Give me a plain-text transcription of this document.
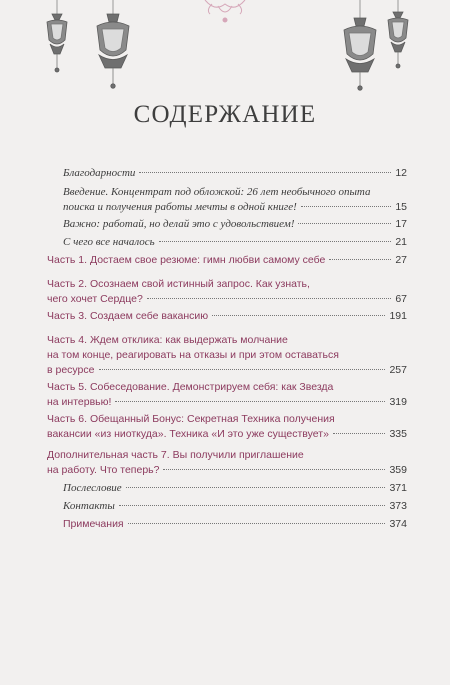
СОДЕРЖАНИЕ
Благодарности	12
Введение. Концентрат под обложкой: 26 лет необычного опыта
поиска и получения работы мечты в одной книге!	15
Важно: работай, но делай это с удовольствием!	17
С чего все началось	21
Часть 1. Достаем свое резюме: гимн любви самому себе	27
Часть 2. Осознаем свой истинный запрос. Как узнать,
чего хочет Сердце?	67
Часть 3. Создаем себе вакансию	191
Часть 4. Ждем отклика: как выдержать молчание
на том конце, реагировать на отказы и при этом оставаться
в ресурсе	257
Часть 5. Собеседование. Демонстрируем себя: как Звезда
на интервью!	319
Часть 6. Обещанный Бонус: Секретная Техника получения
вакансии «из ниоткуда». Техника «И это уже существует»	335
Дополнительная часть 7. Вы получили приглашение
на работу. Что теперь?	359
Послесловие	371
Контакты	373
Примечания	374
